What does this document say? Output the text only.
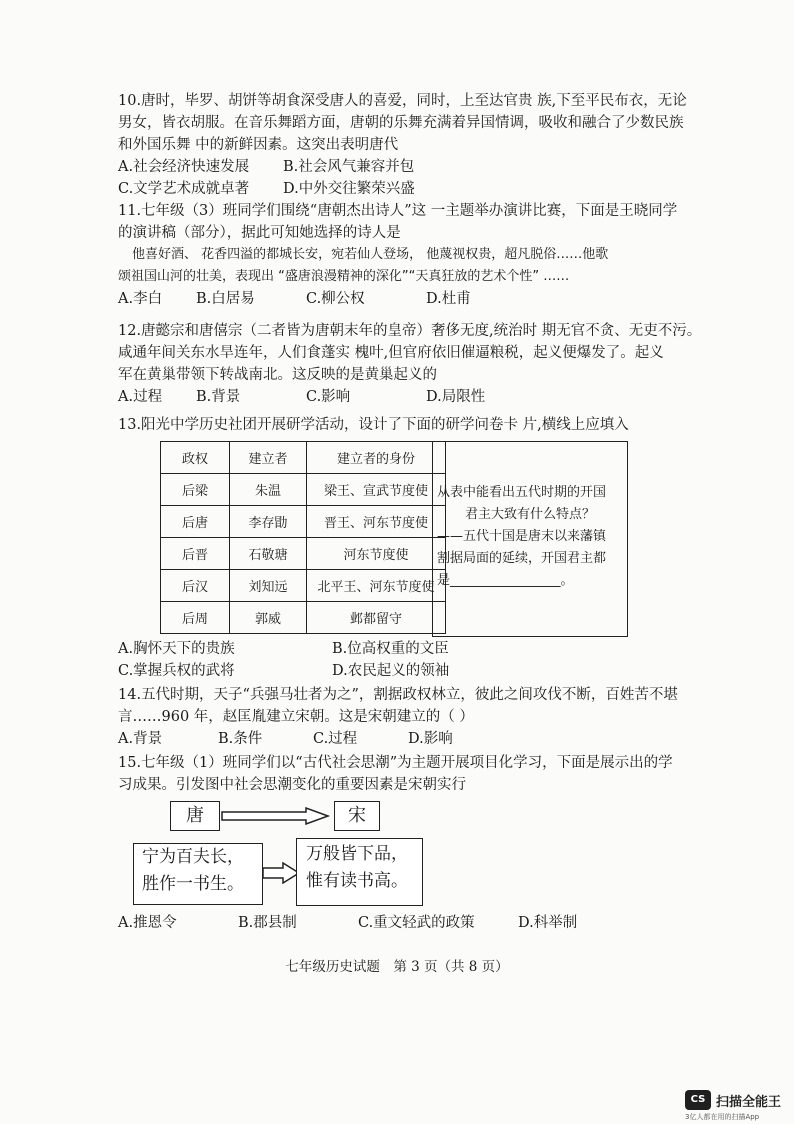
10.唐时，毕罗、胡饼等胡食深受唐人的喜爱，同时，上至达官贵 族,下至平民布衣，无论
男女，皆衣胡服。在音乐舞蹈方面，唐朝的乐舞充满着异国情调，吸收和融合了少数民族
和外国乐舞 中的新鲜因素。这突出表明唐代
A.社会经济快速发展	B.社会风气兼容并包
C.文学艺术成就卓著	D.中外交往繁荣兴盛
11.七年级（3）班同学们围绕“唐朝杰出诗人”这 一主题举办演讲比赛，下面是王晓同学
的演讲稿（部分），据此可知她选择的诗人是
他喜好酒、 花香四溢的都城长安，宛若仙人登场， 他蔑视权贵，超凡脱俗……他歌
颂祖国山河的壮美，表现出 “盛唐浪漫精神的深化”“天真狂放的艺术个性” ……
A.李白	B.白居易	C.柳公权	D.杜甫
12.唐懿宗和唐僖宗（二者皆为唐朝末年的皇帝）奢侈无度,统治时 期无官不贪、无吏不污。
咸通年间关东水旱连年，人们食蓬实 槐叶,但官府依旧催逼粮税，起义便爆发了。起义
军在黄巢带领下转战南北。这反映的是黄巢起义的
A.过程	B.背景	C.影响	D.局限性
13.阳光中学历史社团开展研学活动，设计了下面的研学问卷卡 片,横线上应填入
政权	建立者	建立者的身份
后梁	朱温	梁王、宣武节度使
后唐	李存勖	晋王、河东节度使
后晋	石敬瑭	河东节度使
后汉	刘知远	北平王、河东节度使
后周	郭威	邺都留守
从表中能看出五代时期的开国
君主大致有什么特点？
——五代十国是唐末以来藩镇
割据局面的延续，开国君主都
是_________________。
A.胸怀天下的贵族	B.位高权重的文臣
C.掌握兵权的武将	D.农民起义的领袖
14.五代时期，天子“兵强马壮者为之”，割据政权林立，彼此之间攻伐不断，百姓苦不堪
言……960 年，赵匡胤建立宋朝。这是宋朝建立的（ ）
A.背景	B.条件	C.过程	D.影响
15.七年级（1）班同学们以“古代社会思潮”为主题开展项目化学习，下面是展示出的学
习成果。引发图中社会思潮变化的重要因素是宋朝实行
唐	宋
宁为百夫长，
胜作一书生。
万般皆下品，
惟有读书高。
A.推恩令	B.郡县制	C.重文轻武的政策	D.科举制
七年级历史试题　第 3 页（共 8 页）
CS 扫描全能王
3亿人都在用的扫描App
